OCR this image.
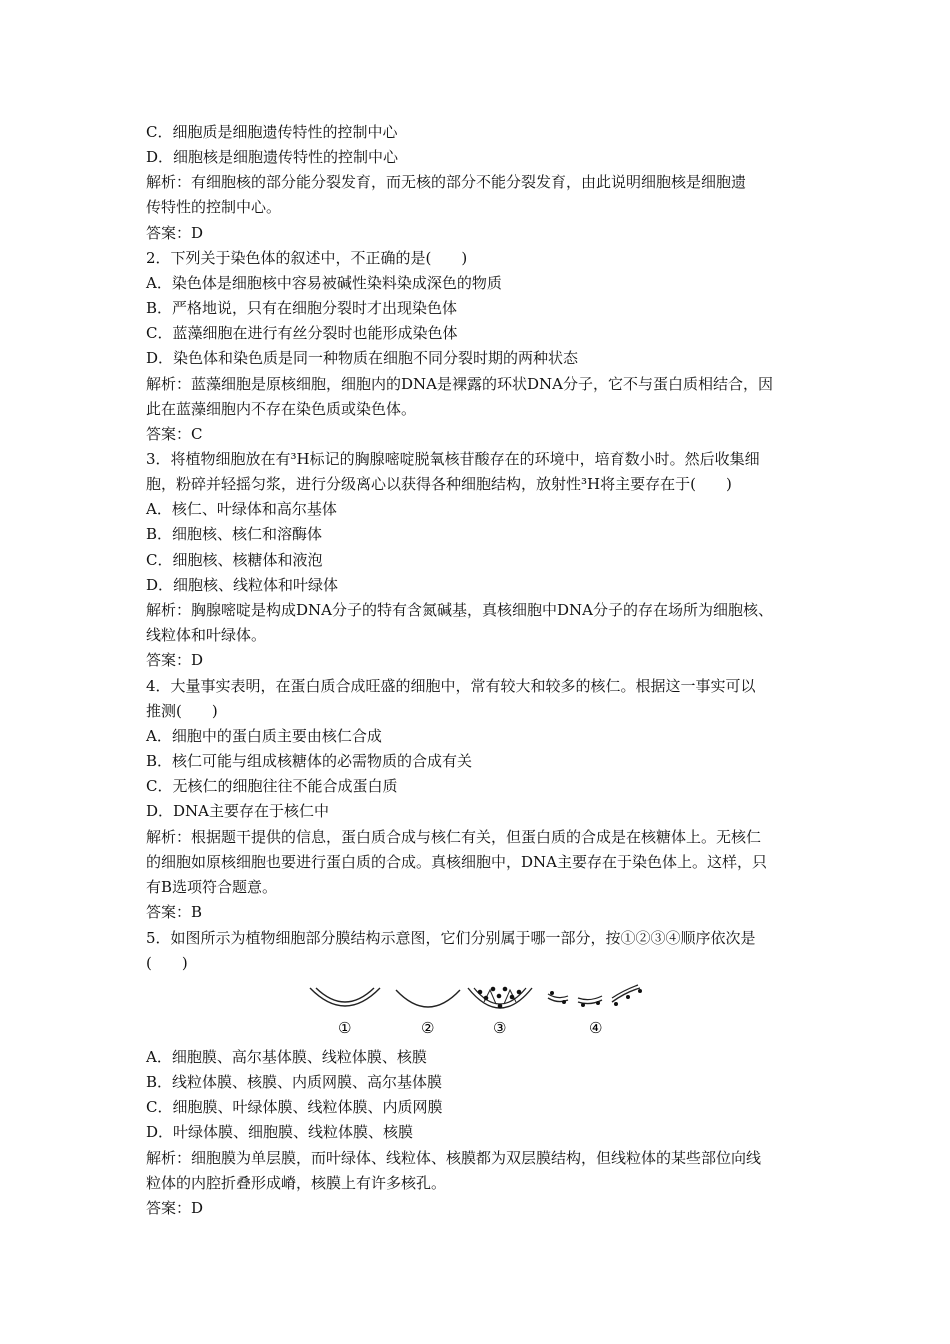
C．细胞质是细胞遗传特性的控制中心
D．细胞核是细胞遗传特性的控制中心
解析：有细胞核的部分能分裂发育，而无核的部分不能分裂发育，由此说明细胞核是细胞遗
传特性的控制中心。
答案：D
2．下列关于染色体的叙述中，不正确的是(　　)
A．染色体是细胞核中容易被碱性染料染成深色的物质
B．严格地说，只有在细胞分裂时才出现染色体
C．蓝藻细胞在进行有丝分裂时也能形成染色体
D．染色体和染色质是同一种物质在细胞不同分裂时期的两种状态
解析：蓝藻细胞是原核细胞，细胞内的DNA是裸露的环状DNA分子，它不与蛋白质相结合，因
此在蓝藻细胞内不存在染色质或染色体。
答案：C
3．将植物细胞放在有³H标记的胸腺嘧啶脱氧核苷酸存在的环境中，培育数小时。然后收集细
胞，粉碎并轻摇匀浆，进行分级离心以获得各种细胞结构，放射性³H将主要存在于(　　)
A．核仁、叶绿体和高尔基体
B．细胞核、核仁和溶酶体
C．细胞核、核糖体和液泡
D．细胞核、线粒体和叶绿体
解析：胸腺嘧啶是构成DNA分子的特有含氮碱基，真核细胞中DNA分子的存在场所为细胞核、
线粒体和叶绿体。
答案：D
4．大量事实表明，在蛋白质合成旺盛的细胞中，常有较大和较多的核仁。根据这一事实可以
推测(　　)
A．细胞中的蛋白质主要由核仁合成
B．核仁可能与组成核糖体的必需物质的合成有关
C．无核仁的细胞往往不能合成蛋白质
D．DNA主要存在于核仁中
解析：根据题干提供的信息，蛋白质合成与核仁有关，但蛋白质的合成是在核糖体上。无核仁
的细胞如原核细胞也要进行蛋白质的合成。真核细胞中，DNA主要存在于染色体上。这样，只
有B选项符合题意。
答案：B
5．如图所示为植物细胞部分膜结构示意图，它们分别属于哪一部分，按①②③④顺序依次是
(　　)
①	②	③	④
A．细胞膜、高尔基体膜、线粒体膜、核膜
B．线粒体膜、核膜、内质网膜、高尔基体膜
C．细胞膜、叶绿体膜、线粒体膜、内质网膜
D．叶绿体膜、细胞膜、线粒体膜、核膜
解析：细胞膜为单层膜，而叶绿体、线粒体、核膜都为双层膜结构，但线粒体的某些部位向线
粒体的内腔折叠形成嵴，核膜上有许多核孔。
答案：D
